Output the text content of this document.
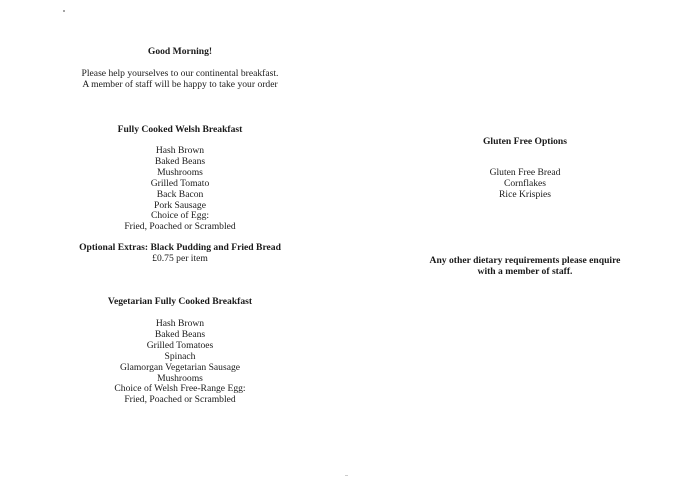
Good Morning!
Please help yourselves to our continental breakfast.
A member of staff will be happy to take your order
Fully Cooked Welsh Breakfast
Hash Brown
Baked Beans
Mushrooms
Grilled Tomato
Back Bacon
Pork Sausage
Choice of Egg:
Fried, Poached or Scrambled
Optional Extras: Black Pudding and Fried Bread
£0.75 per item
Vegetarian Fully Cooked Breakfast
Hash Brown
Baked Beans
Grilled Tomatoes
Spinach
Glamorgan Vegetarian Sausage
Mushrooms
Choice of Welsh Free-Range Egg:
Fried, Poached or Scrambled
Gluten Free Options
Gluten Free Bread
Cornflakes
Rice Krispies
Any other dietary requirements please enquire
with a member of staff.
